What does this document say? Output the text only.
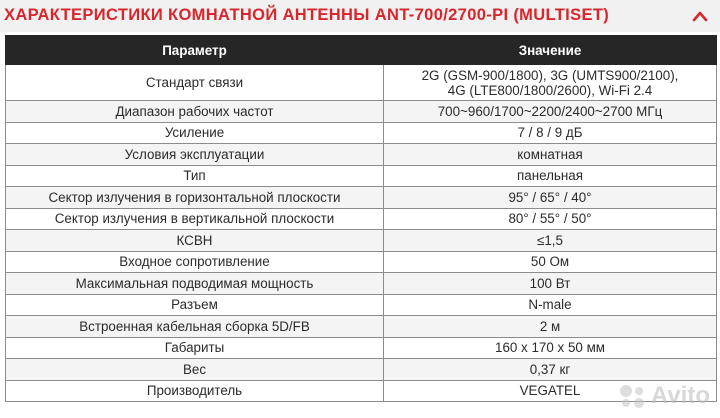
ХАРАКТЕРИСТИКИ КОМНАТНОЙ АНТЕННЫ ANT-700/2700-PI (MULTISET)
Параметр	Значение
Стандарт связи	2G (GSM-900/1800), 3G (UMTS900/2100),
4G (LTE800/1800/2600), Wi-Fi 2.4
Диапазон рабочих частот	700~960/1700~2200/2400~2700 МГц
Усиление	7 / 8 / 9 дБ
Условия эксплуатации	комнатная
Тип	панельная
Сектор излучения в горизонтальной плоскости	95° / 65° / 40°
Сектор излучения в вертикальной плоскости	80° / 55° / 50°
КСВН	≤1,5
Входное сопротивление	50 Ом
Максимальная подводимая мощность	100 Вт
Разъем	N-male
Встроенная кабельная сборка 5D/FB	2 м
Габариты	160 x 170 x 50 мм
Вес	0,37 кг
Производитель	VEGATEL	Avito
